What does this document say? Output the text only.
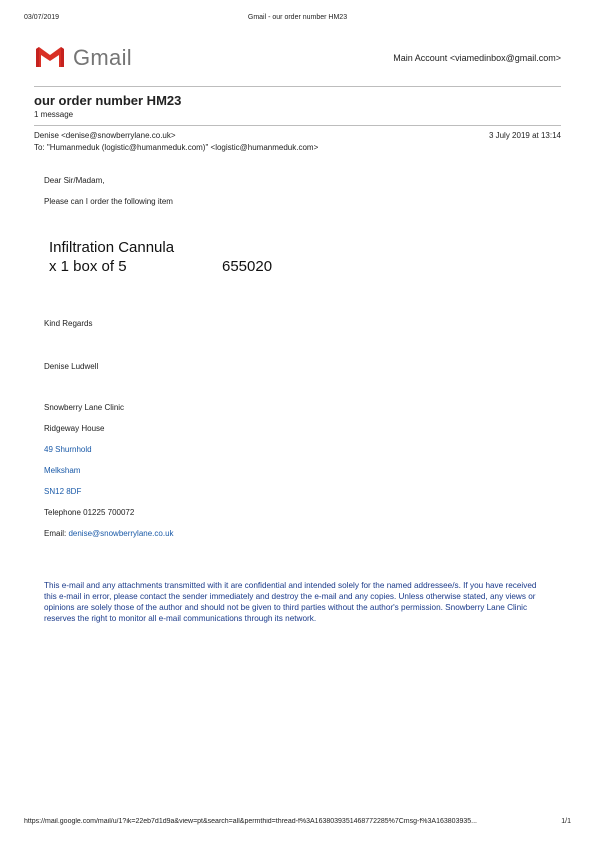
03/07/2019	Gmail - our order number HM23
Gmail	Main Account <viamedinbox@gmail.com>
our order number HM23
1 message
Denise <denise@snowberrylane.co.uk>	3 July 2019 at 13:14
To: "Humanmeduk (logistic@humanmeduk.com)" <logistic@humanmeduk.com>
Dear Sir/Madam,
Please can I order the following item
Infiltration Cannula
x 1 box of 5	655020
Kind Regards
Denise Ludwell
Snowberry Lane Clinic
Ridgeway House
49 Shurnhold
Melksham
SN12 8DF
Telephone 01225 700072
Email: denise@snowberrylane.co.uk
This e-mail and any attachments transmitted with it are confidential and intended solely for the named addressee/s. If you have received this e-mail in error, please contact the sender immediately and destroy the e-mail and any copies. Unless otherwise stated, any views or opinions are solely those of the author and should not be given to third parties without the author's permission. Snowberry Lane Clinic reserves the right to monitor all e-mail communications through its network.
https://mail.google.com/mail/u/1?ik=22eb7d1d9a&view=pt&search=all&permthid=thread-f%3A1638039351468772285%7Cmsg-f%3A163803935...	1/1
